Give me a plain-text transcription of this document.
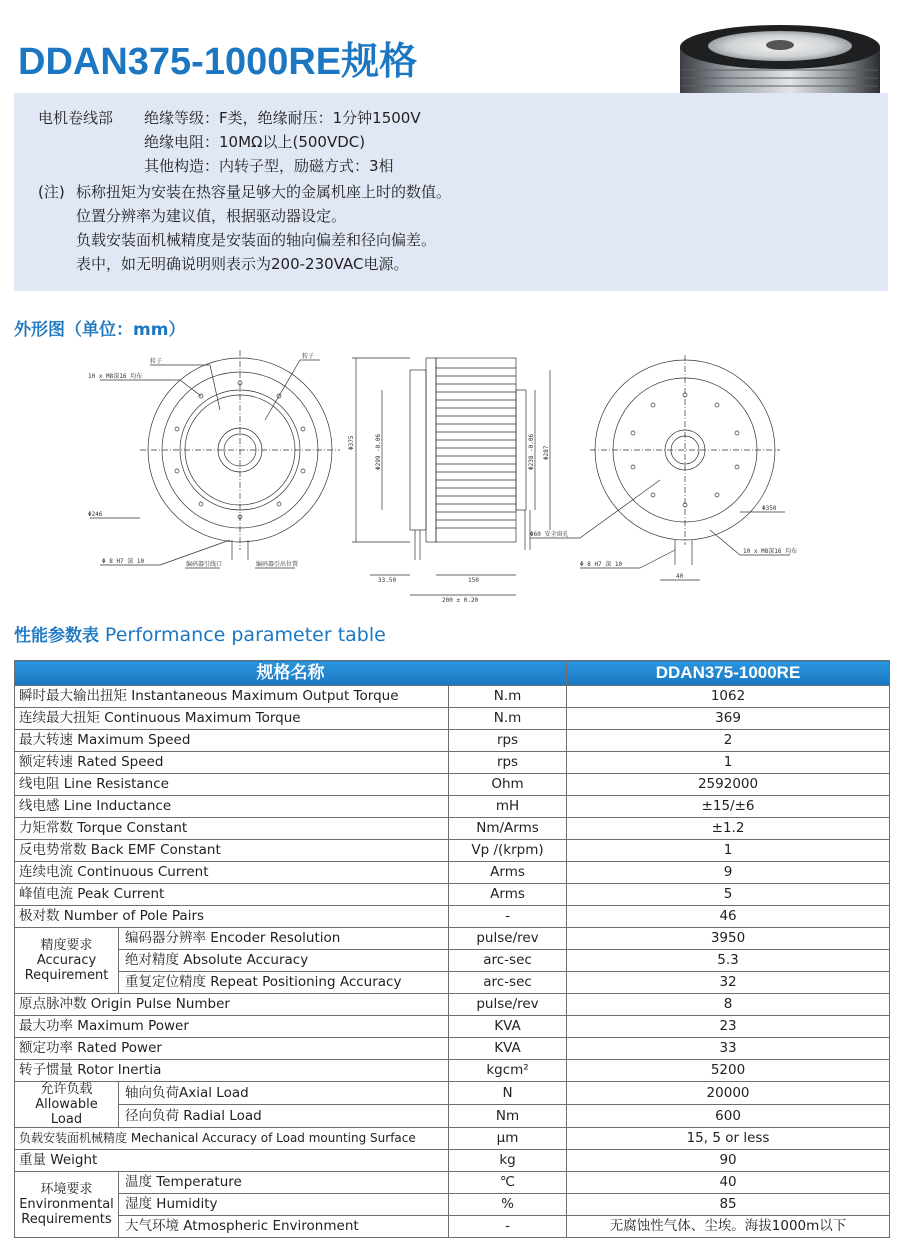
DDAN375-1000RE规格
电机卷线部 绝缘等级：F类，绝缘耐压：1分钟1500V
绝缘电阻：10MΩ以上(500VDC)
其他构造：内转子型，励磁方式：3相
(注) 标称扭矩为安装在热容量足够大的金属机座上时的数值。
位置分辨率为建议值，根据驱动器设定。
负载安装面机械精度是安装面的轴向偏差和径向偏差。
表中，如无明确说明则表示为200-230VAC电源。
外形图（单位：mm）
10 x M8深16 均布
Φ246
Φ 8 H7 深 10
转子
转子
编码器引线口	编码器引出位置
Φ375	Φ299 -0.06	Φ238 -0.06 Φ287
33.50	150
200 ± 0.20
Φ60 安全窗孔
Φ350
10 x M8深16 均布
Φ 8 H7 深 10
40
性能参数表 Performance parameter table
规格名称			DDAN375-1000RE
瞬时最大输出扭矩 Instantaneous Maximum Output Torque		N.m	1062
连续最大扭矩 Continuous Maximum Torque		N.m	369
最大转速 Maximum Speed		rps	2
额定转速 Rated Speed		rps	1
线电阻 Line Resistance		Ohm	2592000
线电感 Line Inductance		mH	±15/±6
力矩常数 Torque Constant		Nm/Arms	±1.2
反电势常数 Back EMF Constant		Vp /(krpm)	1
连续电流 Continuous Current		Arms	9
峰值电流 Peak Current		Arms	5
极对数 Number of Pole Pairs		-	46
精度要求
Accuracy
Requirement	编码器分辨率 Encoder Resolution	pulse/rev	3950
	绝对精度 Absolute Accuracy	arc-sec	5.3
	重复定位精度 Repeat Positioning Accuracy	arc-sec	32
原点脉冲数 Origin Pulse Number		pulse/rev	8
最大功率 Maximum Power		KVA	23
额定功率 Rated Power		KVA	33
转子惯量 Rotor Inertia		kgcm²	5200
允许负载
Allowable Load	轴向负荷Axial Load	N	20000
	径向负荷 Radial Load	Nm	600
负载安装面机械精度 Mechanical Accuracy of Load mounting Surface		μm	15, 5 or less
重量 Weight		kg	90
环境要求
Environmental
Requirements	温度 Temperature	℃	40
	湿度 Humidity	%	85
	大气环境 Atmospheric Environment	-	无腐蚀性气体、尘埃。海拔1000m以下
